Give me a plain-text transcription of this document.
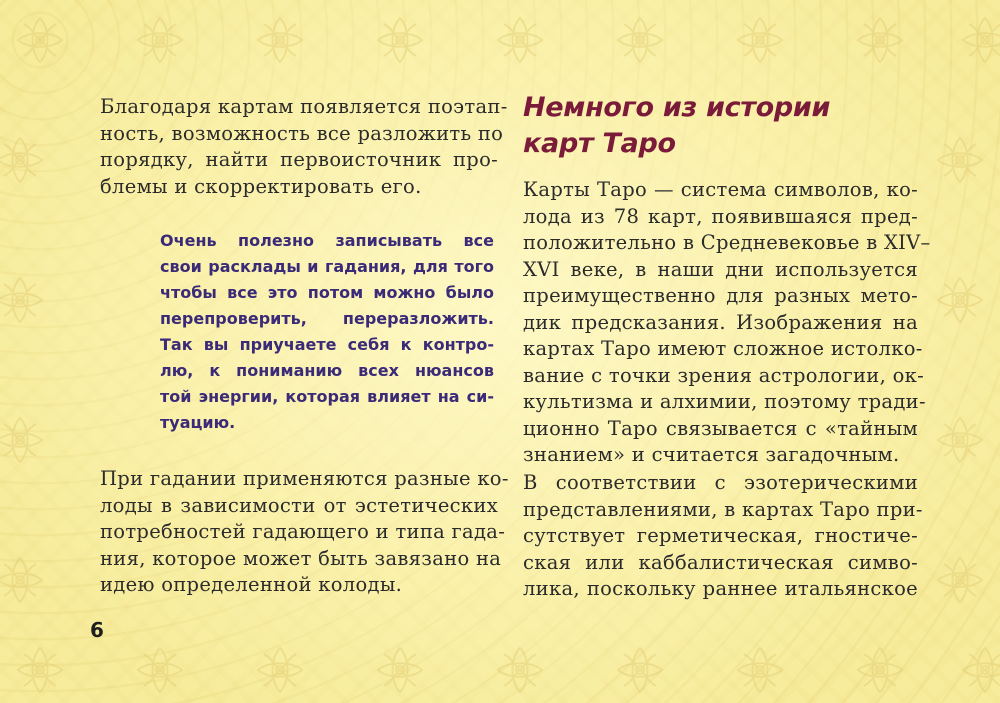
Благодаря картам появляется поэтап-
ность, возможность все разложить по
порядку, найти первоисточник про-
блемы и скорректировать его.

Очень полезно записывать все
свои расклады и гадания, для того
чтобы все это потом можно было
перепроверить, переразложить.
Так вы приучаете себя к контро-
лю, к пониманию всех нюансов
той энергии, которая влияет на си-
туацию.

При гадании применяются разные ко-
лоды в зависимости от эстетических
потребностей гадающего и типа гада-
ния, которое может быть завязано на
идею определенной колоды.

6
Немного из истории
карт Таро

Карты Таро — система символов, ко-
лода из 78 карт, появившаяся пред-
положительно в Средневековье в XIV–
XVI веке, в наши дни используется
преимущественно для разных мето-
дик предсказания. Изображения на
картах Таро имеют сложное истолко-
вание с точки зрения астрологии, ок-
культизма и алхимии, поэтому тради-
ционно Таро связывается с «тайным
знанием» и считается загадочным.

В соответствии с эзотерическими
представлениями, в картах Таро при-
сутствует герметическая, гностиче-
ская или каббалистическая симво-
лика, поскольку раннее итальянское
